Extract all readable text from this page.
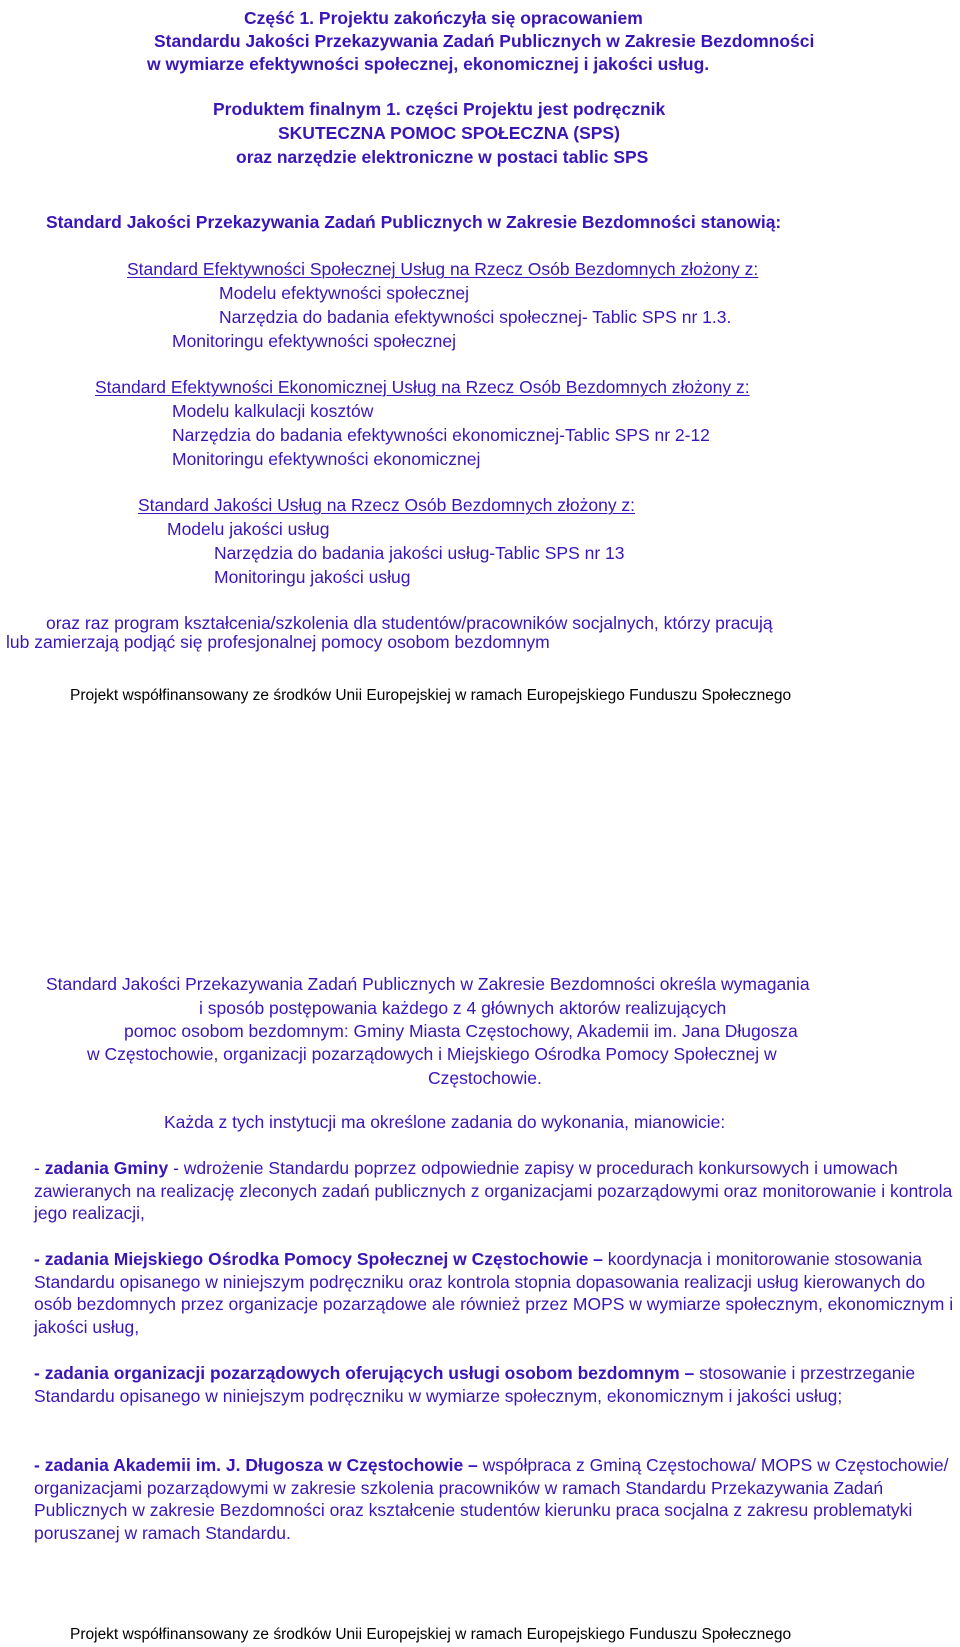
Część 1. Projektu zakończyła się opracowaniem
Standardu Jakości Przekazywania Zadań Publicznych w Zakresie Bezdomności
w wymiarze efektywności społecznej, ekonomicznej i jakości usług.
Produktem finalnym 1. części Projektu jest podręcznik
SKUTECZNA POMOC SPOŁECZNA (SPS)
oraz narzędzie elektroniczne w postaci tablic SPS
Standard Jakości Przekazywania Zadań Publicznych w Zakresie Bezdomności stanowią:
Standard Efektywności Społecznej Usług na Rzecz Osób Bezdomnych złożony z:
Modelu efektywności społecznej
Narzędzia do badania efektywności społecznej- Tablic SPS nr 1.3.
Monitoringu efektywności społecznej
Standard Efektywności Ekonomicznej Usług na Rzecz Osób Bezdomnych złożony z:
Modelu kalkulacji kosztów
Narzędzia do badania efektywności ekonomicznej-Tablic SPS nr 2-12
Monitoringu efektywności ekonomicznej
Standard Jakości Usług na Rzecz Osób Bezdomnych złożony z:
Modelu jakości usług
Narzędzia do badania jakości usług-Tablic SPS nr 13
Monitoringu jakości usług
oraz raz program kształcenia/szkolenia dla studentów/pracowników socjalnych, którzy pracują
lub zamierzają podjąć się profesjonalnej pomocy osobom bezdomnym
Projekt współfinansowany ze środków Unii Europejskiej w ramach Europejskiego Funduszu Społecznego
Standard Jakości Przekazywania Zadań Publicznych w Zakresie Bezdomności określa wymagania
i sposób postępowania każdego z 4 głównych aktorów realizujących
pomoc osobom bezdomnym: Gminy Miasta Częstochowy, Akademii im. Jana Długosza
w Częstochowie, organizacji pozarządowych i Miejskiego Ośrodka Pomocy Społecznej w
Częstochowie.
Każda z tych instytucji ma określone zadania do wykonania, mianowicie:
- zadania Gminy - wdrożenie Standardu poprzez odpowiednie zapisy w procedurach konkursowych i umowach zawieranych na realizację zleconych zadań publicznych z organizacjami pozarządowymi oraz monitorowanie i kontrola jego realizacji,
- zadania Miejskiego Ośrodka Pomocy Społecznej w Częstochowie – koordynacja i monitorowanie stosowania Standardu opisanego w niniejszym podręczniku oraz kontrola stopnia dopasowania realizacji usług kierowanych do osób bezdomnych przez organizacje pozarządowe ale również przez MOPS w wymiarze społecznym, ekonomicznym i jakości usług,
- zadania organizacji pozarządowych oferujących usługi osobom bezdomnym – stosowanie i przestrzeganie Standardu opisanego w niniejszym podręczniku w wymiarze społecznym, ekonomicznym i jakości usług;
- zadania Akademii im. J. Długosza w Częstochowie – współpraca z Gminą Częstochowa/ MOPS w Częstochowie/ organizacjami pozarządowymi w zakresie szkolenia pracowników w ramach Standardu Przekazywania Zadań Publicznych w zakresie Bezdomności oraz kształcenie studentów kierunku praca socjalna z zakresu problematyki poruszanej w ramach Standardu.
Projekt współfinansowany ze środków Unii Europejskiej w ramach Europejskiego Funduszu Społecznego
